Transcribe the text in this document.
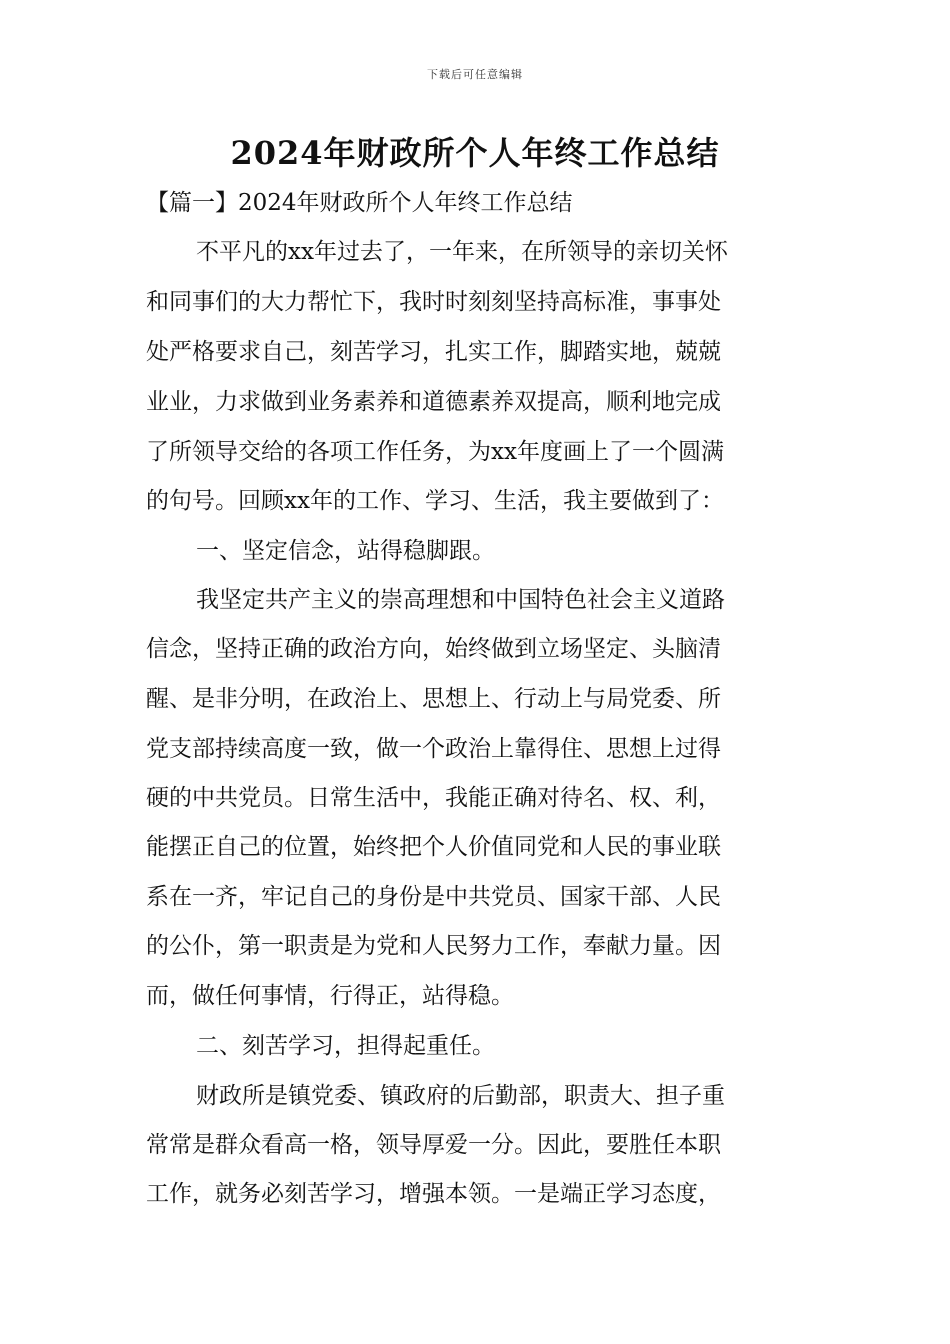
下载后可任意编辑
2024年财政所个人年终工作总结
【篇一】2024年财政所个人年终工作总结

不平凡的xx年过去了，一年来，在所领导的亲切关怀

和同事们的大力帮忙下，我时时刻刻坚持高标准，事事处

处严格要求自己，刻苦学习，扎实工作，脚踏实地，兢兢

业业，力求做到业务素养和道德素养双提高，顺利地完成

了所领导交给的各项工作任务，为xx年度画上了一个圆满

的句号。回顾xx年的工作、学习、生活，我主要做到了：

一、坚定信念，站得稳脚跟。

我坚定共产主义的崇高理想和中国特色社会主义道路

信念，坚持正确的政治方向，始终做到立场坚定、头脑清

醒、是非分明，在政治上、思想上、行动上与局党委、所

党支部持续高度一致，做一个政治上靠得住、思想上过得

硬的中共党员。日常生活中，我能正确对待名、权、利，

能摆正自己的位置，始终把个人价值同党和人民的事业联

系在一齐，牢记自己的身份是中共党员、国家干部、人民

的公仆，第一职责是为党和人民努力工作，奉献力量。因

而，做任何事情，行得正，站得稳。

二、刻苦学习，担得起重任。

财政所是镇党委、镇政府的后勤部，职责大、担子重

常常是群众看高一格，领导厚爱一分。因此，要胜任本职

工作，就务必刻苦学习，增强本领。一是端正学习态度，
